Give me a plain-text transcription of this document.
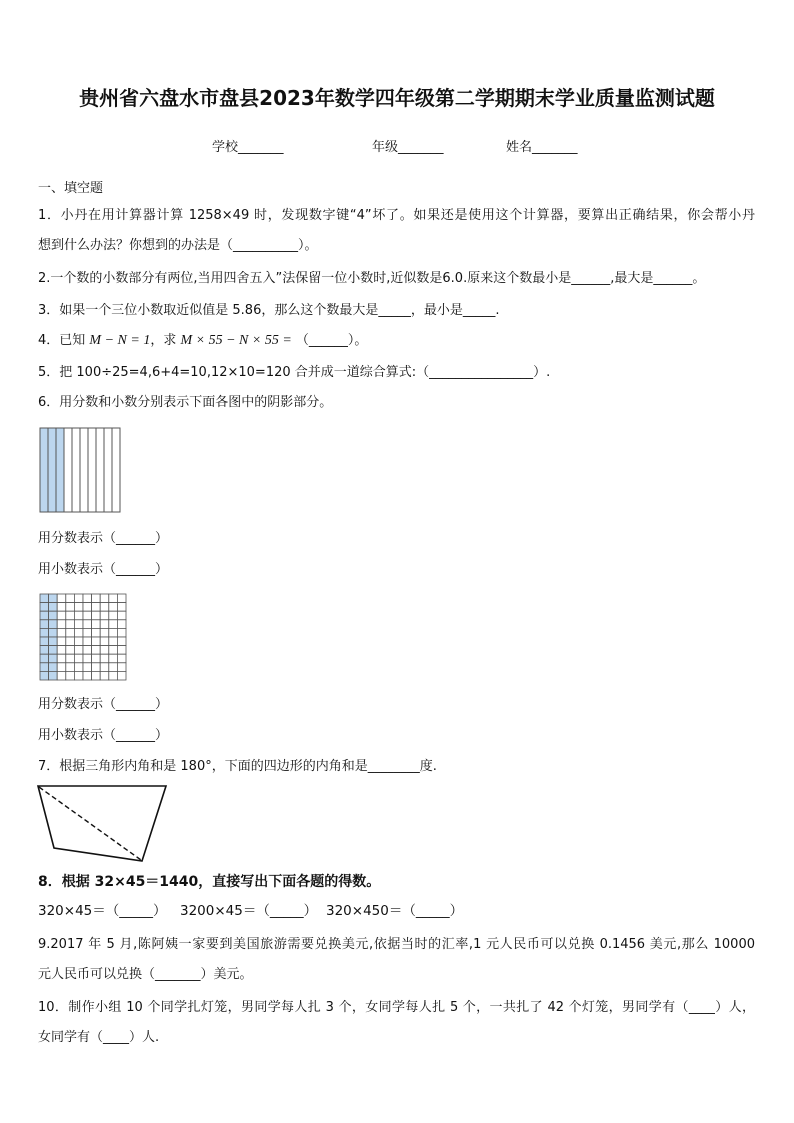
贵州省六盘水市盘县2023年数学四年级第二学期期末学业质量监测试题
学校_______	年级_______	姓名_______
一、填空题
1．小丹在用计算器计算 1258×49 时，发现数字键“4”坏了。如果还是使用这个计算器，要算出正确结果，你会帮小丹
想到什么办法？你想到的办法是（__________）。
2.一个数的小数部分有两位,当用四舍五入”法保留一位小数时,近似数是6.0.原来这个数最小是______,最大是______。
3．如果一个三位小数取近似值是 5.86，那么这个数最大是_____，最小是_____.
4．已知 M − N = 1，求 M × 55 − N × 55 = （______）。
5．把 100÷25=4,6+4=10,12×10=120 合并成一道综合算式:（________________）.
6．用分数和小数分别表示下面各图中的阴影部分。
用分数表示（______）
用小数表示（______）
用分数表示（______）
用小数表示（______）
7．根据三角形内角和是 180°，下面的四边形的内角和是________度.
8．根据 32×45＝1440，直接写出下面各题的得数。
320×45＝（_____） 3200×45＝（_____） 320×450＝（_____）
9.2017 年 5 月,陈阿姨一家要到美国旅游需要兑换美元,依据当时的汇率,1 元人民币可以兑换 0.1456 美元,那么 10000
元人民币可以兑换（_______）美元。
10．制作小组 10 个同学扎灯笼，男同学每人扎 3 个，女同学每人扎 5 个，一共扎了 42 个灯笼，男同学有（____）人，
女同学有（____）人.
